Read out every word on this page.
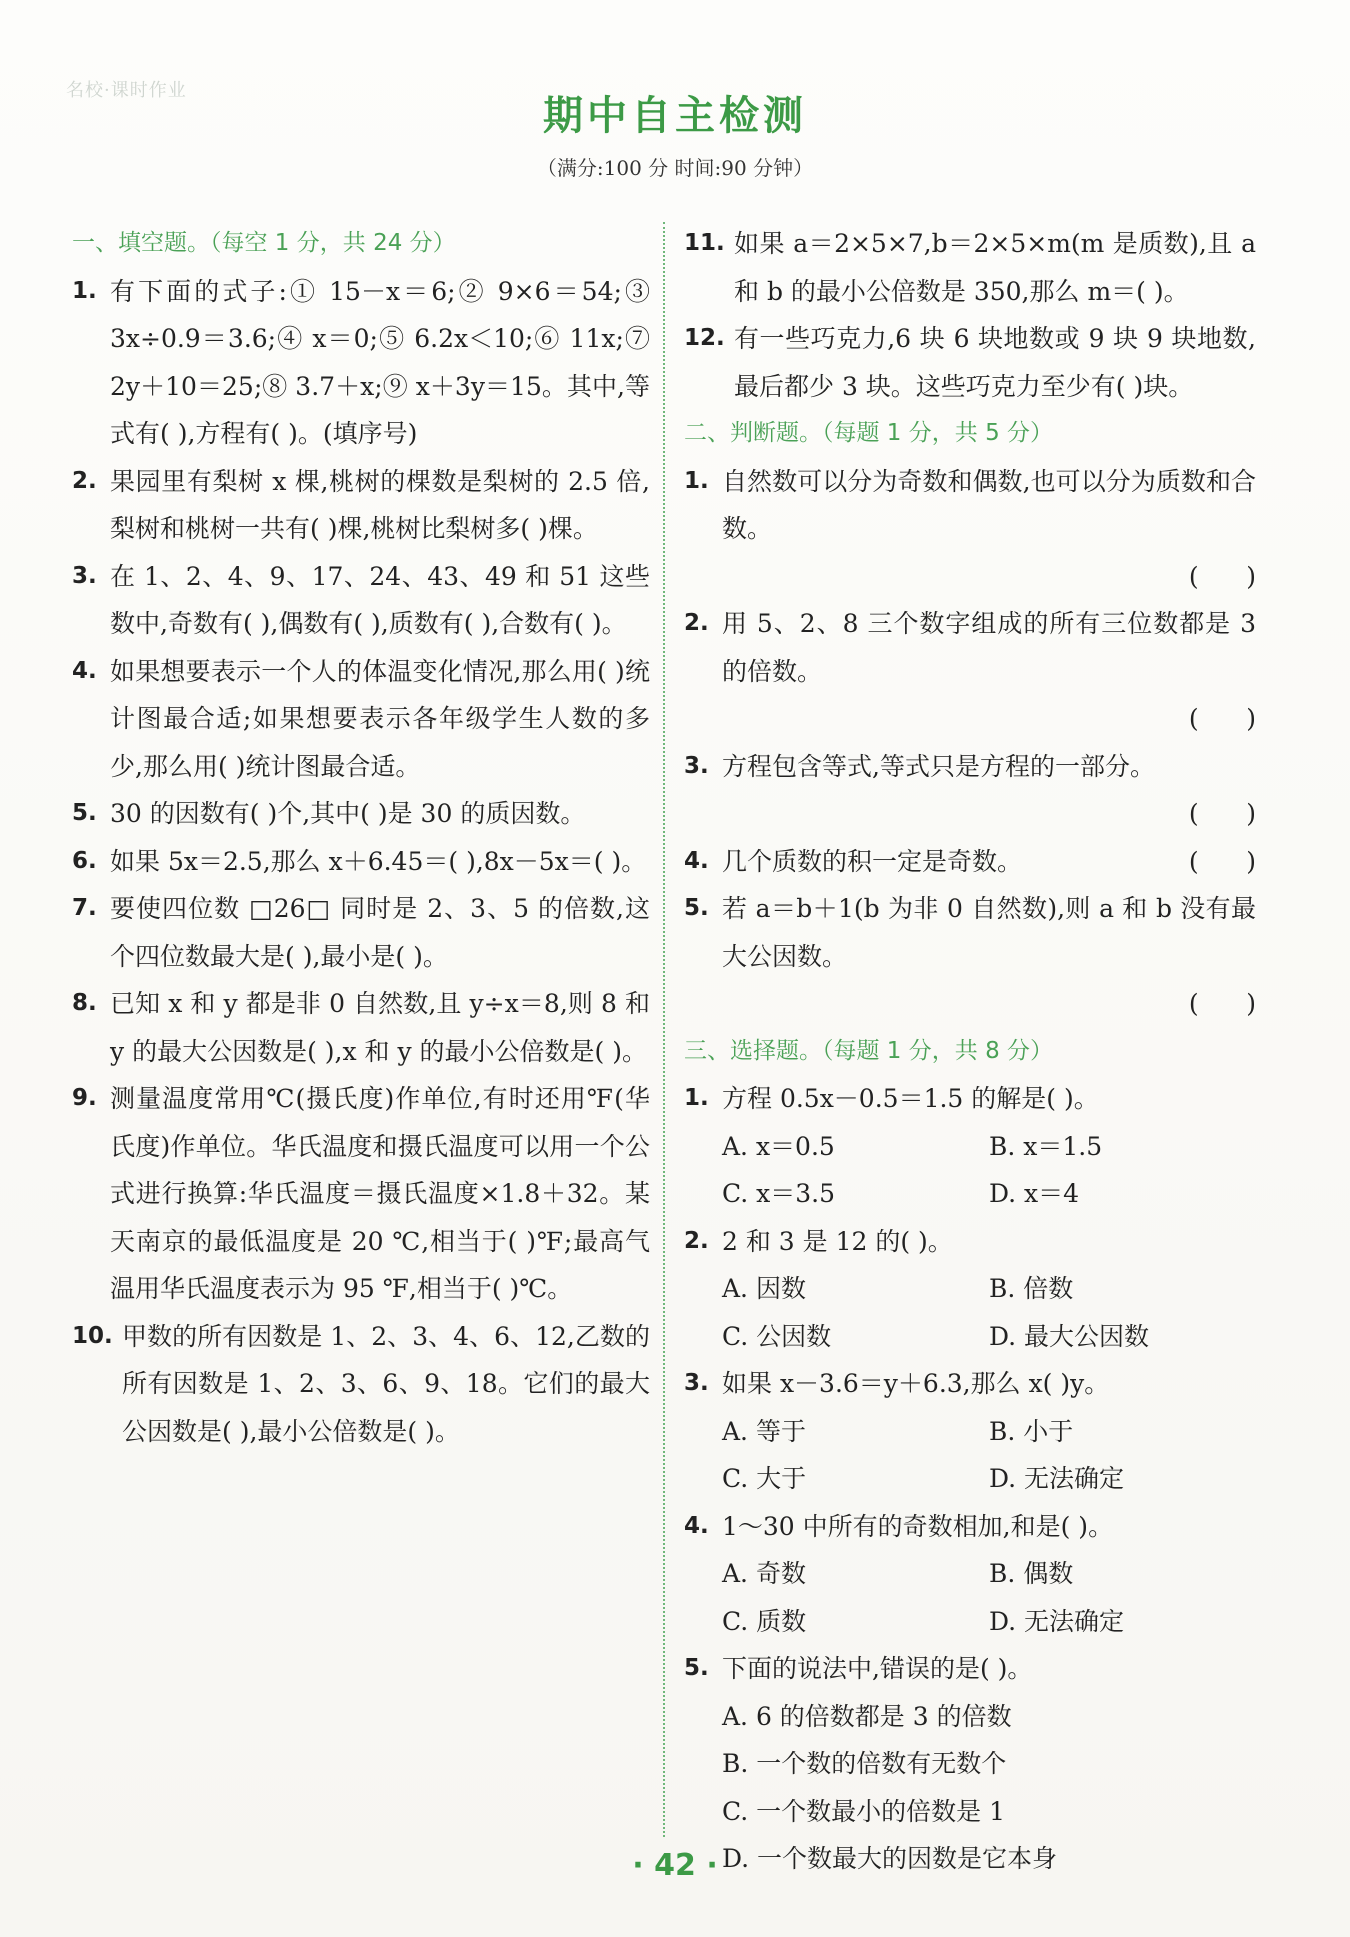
名校·课时作业
期中自主检测
（满分:100 分 时间:90 分钟）
一、填空题。（每空 1 分，共 24 分）
1. 有下面的式子:① 15－x＝6;② 9×6＝54;③ 3x÷0.9＝3.6;④ x＝0;⑤ 6.2x＜10;⑥ 11x;⑦ 2y＋10＝25;⑧ 3.7＋x;⑨ x＋3y＝15。其中,等式有( ),方程有( )。(填序号)
2. 果园里有梨树 x 棵,桃树的棵数是梨树的 2.5 倍,梨树和桃树一共有( )棵,桃树比梨树多( )棵。
3. 在 1、2、4、9、17、24、43、49 和 51 这些数中,奇数有( ),偶数有( ),质数有( ),合数有( )。
4. 如果想要表示一个人的体温变化情况,那么用( )统计图最合适;如果想要表示各年级学生人数的多少,那么用( )统计图最合适。
5. 30 的因数有( )个,其中( )是 30 的质因数。
6. 如果 5x＝2.5,那么 x＋6.45＝( ),8x－5x＝( )。
7. 要使四位数 □26□ 同时是 2、3、5 的倍数,这个四位数最大是( ),最小是( )。
8. 已知 x 和 y 都是非 0 自然数,且 y÷x＝8,则 8 和 y 的最大公因数是( ),x 和 y 的最小公倍数是( )。
9. 测量温度常用℃(摄氏度)作单位,有时还用℉(华氏度)作单位。华氏温度和摄氏温度可以用一个公式进行换算:华氏温度＝摄氏温度×1.8＋32。某天南京的最低温度是 20 ℃,相当于( )℉;最高气温用华氏温度表示为 95 ℉,相当于( )℃。
10. 甲数的所有因数是 1、2、3、4、6、12,乙数的所有因数是 1、2、3、6、9、18。它们的最大公因数是( ),最小公倍数是( )。
11. 如果 a＝2×5×7,b＝2×5×m(m 是质数),且 a 和 b 的最小公倍数是 350,那么 m＝( )。
12. 有一些巧克力,6 块 6 块地数或 9 块 9 块地数,最后都少 3 块。这些巧克力至少有( )块。
二、判断题。（每题 1 分，共 5 分）
1. 自然数可以分为奇数和偶数,也可以分为质数和合数。
(      )
2. 用 5、2、8 三个数字组成的所有三位数都是 3 的倍数。
(      )
3. 方程包含等式,等式只是方程的一部分。
(      )
4. 几个质数的积一定是奇数。	(      )
5. 若 a＝b＋1(b 为非 0 自然数),则 a 和 b 没有最大公因数。
(      )
三、选择题。（每题 1 分，共 8 分）
1. 方程 0.5x－0.5＝1.5 的解是( )。
A. x＝0.5	B. x＝1.5
C. x＝3.5	D. x＝4
2. 2 和 3 是 12 的( )。
A. 因数	B. 倍数
C. 公因数	D. 最大公因数
3. 如果 x－3.6＝y＋6.3,那么 x( )y。
A. 等于	B. 小于
C. 大于	D. 无法确定
4. 1～30 中所有的奇数相加,和是( )。
A. 奇数	B. 偶数
C. 质数	D. 无法确定
5. 下面的说法中,错误的是( )。
A. 6 的倍数都是 3 的倍数
B. 一个数的倍数有无数个
C. 一个数最小的倍数是 1
D. 一个数最大的因数是它本身
· 42 ·
